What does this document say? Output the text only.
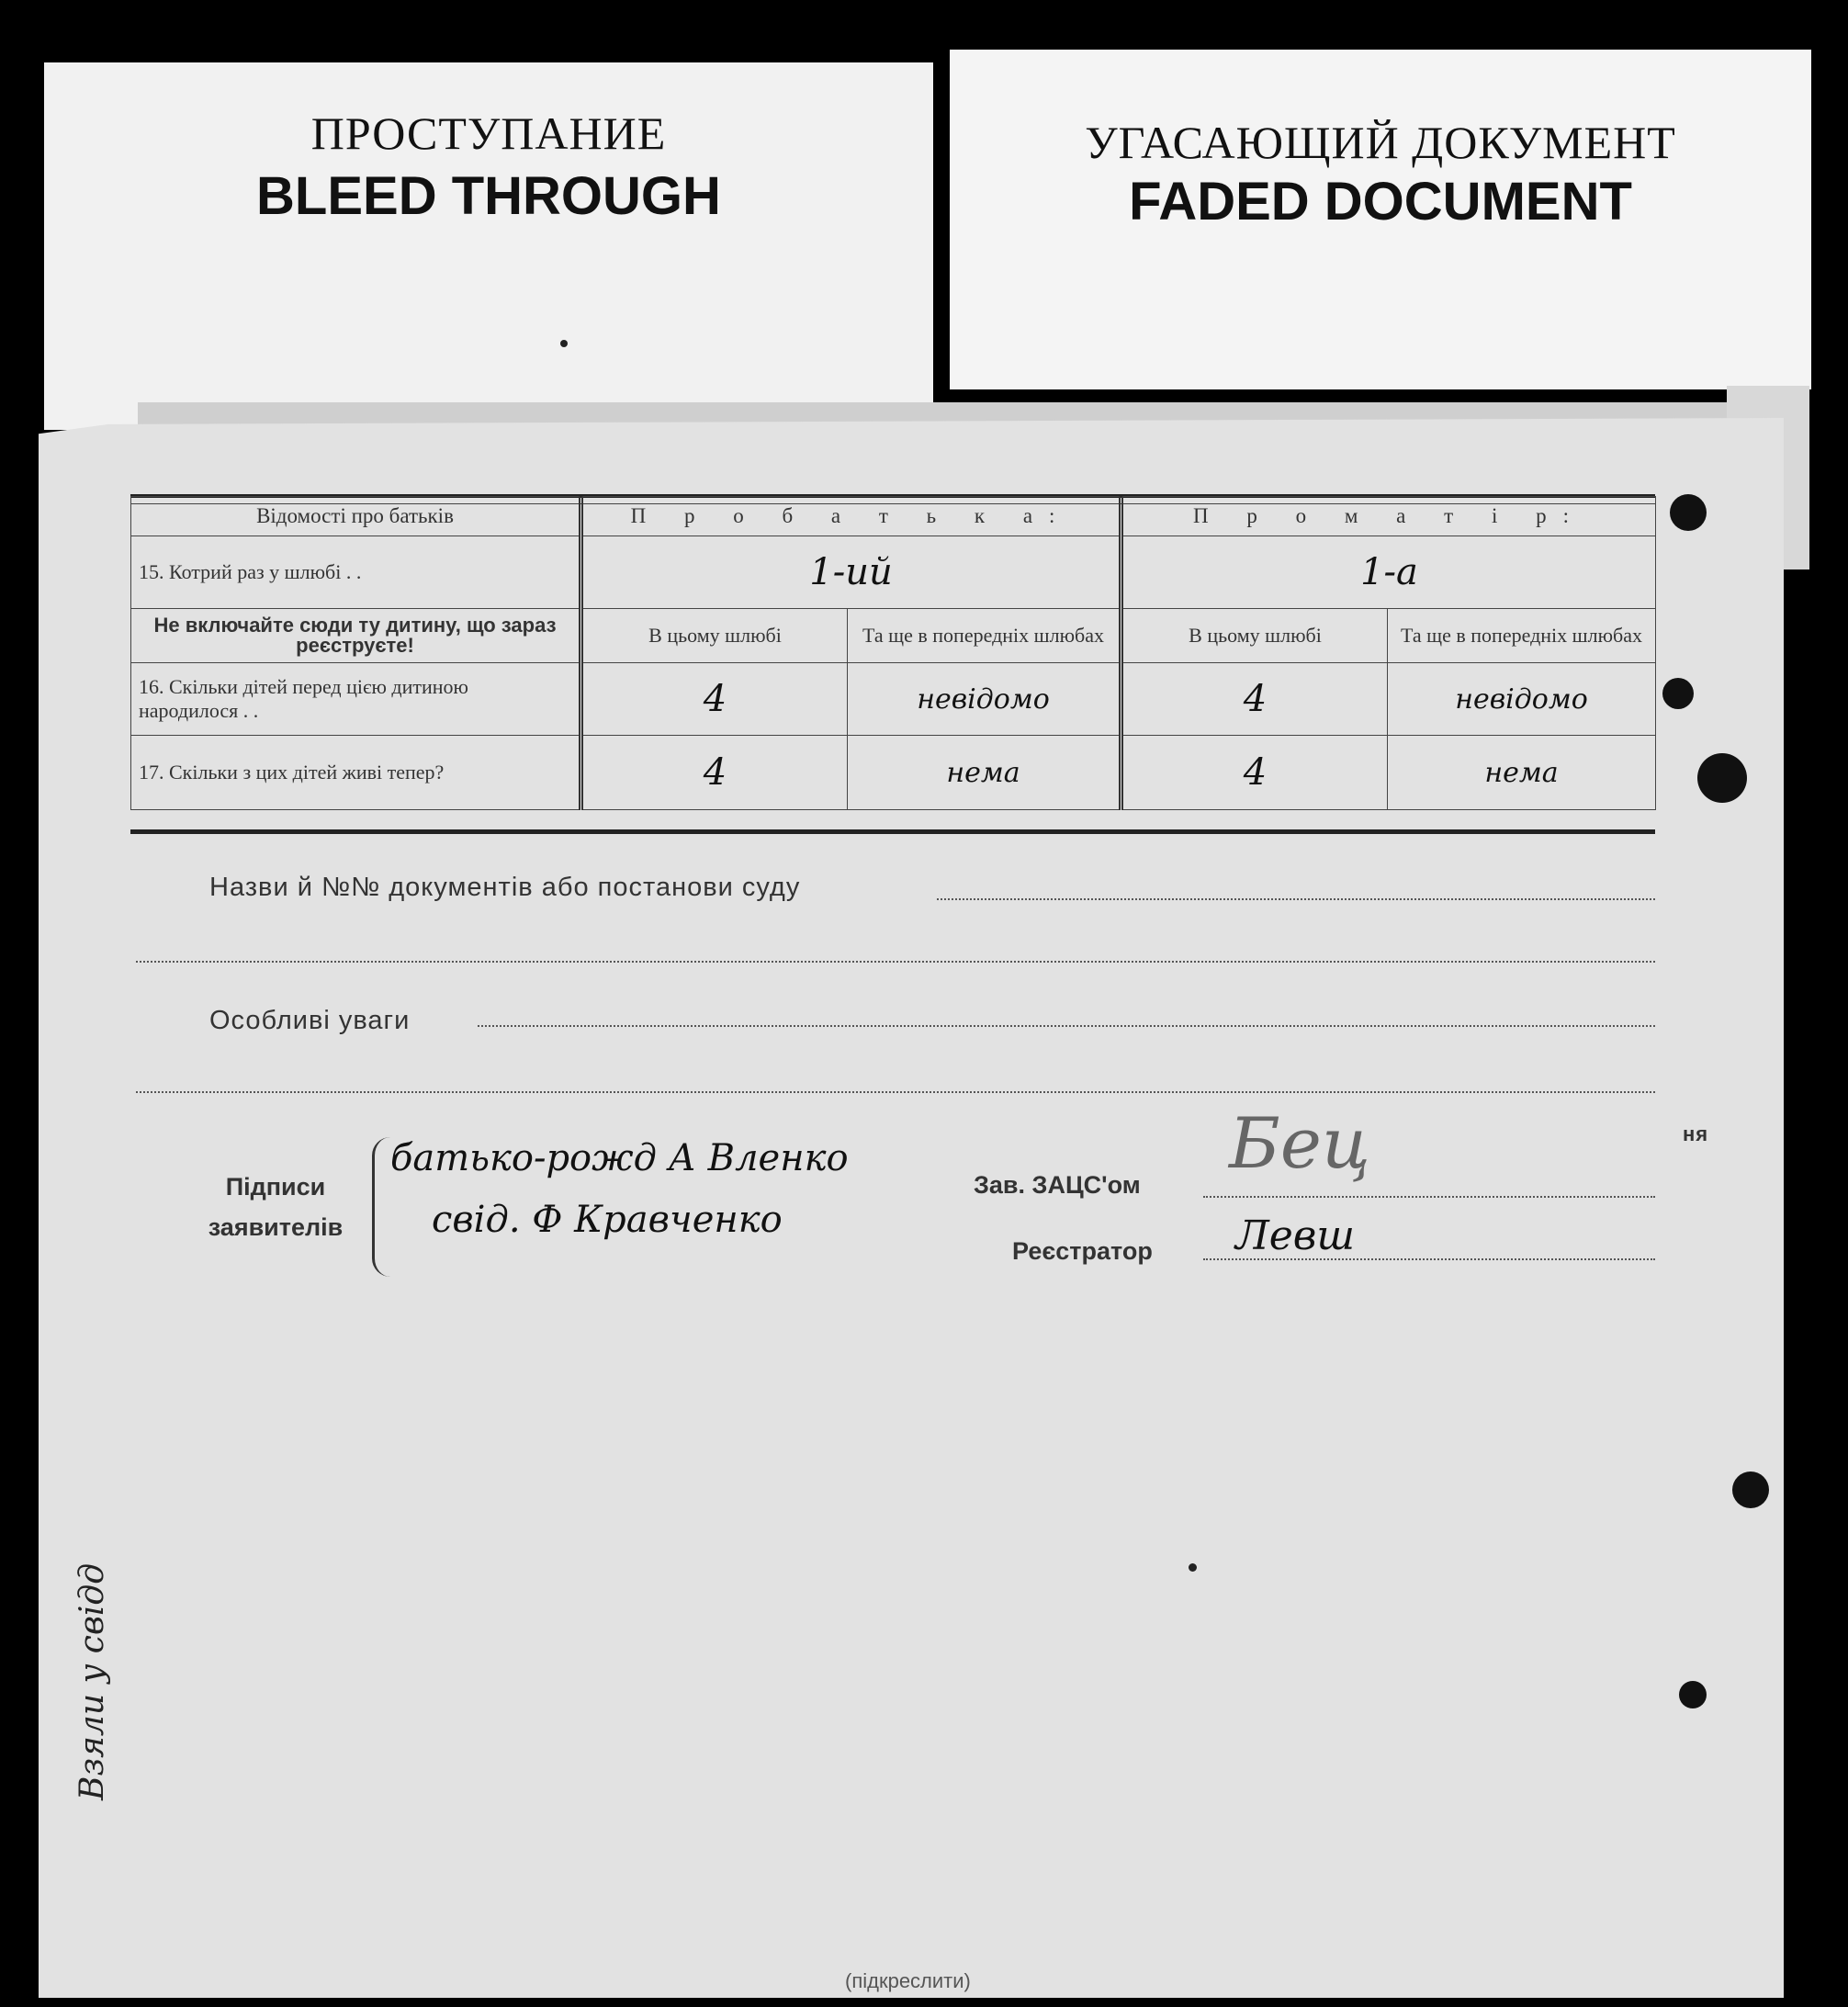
ПРОСТУПАНИЕ
BLEED THROUGH
УГАСАЮЩИЙ ДОКУМЕНТ
FADED DOCUMENT
Відомості про батьків	П р о б а т ь к а:		П р о м а т і р:	
15. Котрий раз у шлюбі . .	1-ий		1-а	
Не включайте сюди ту дитину, що зараз реєструєте!	В цьому шлюбі	Та ще в попередніх шлюбах	В цьому шлюбі	Та ще в попередніх шлюбах
16. Скільки дітей перед цією дитиною народилося . .	4	невідомо	4	невідомо
17. Скільки з цих дітей живі тепер?	4	нема	4	нема
Назви й №№ документів або постанови суду
Особливі уваги
Підписи
заявителів
батько-рожд А Вленко
свід. Ф Кравченко
Зав. ЗАЦС'ом
Бец
Реєстратор Левш
ня
Взяли у свідд
(підкреслити)
